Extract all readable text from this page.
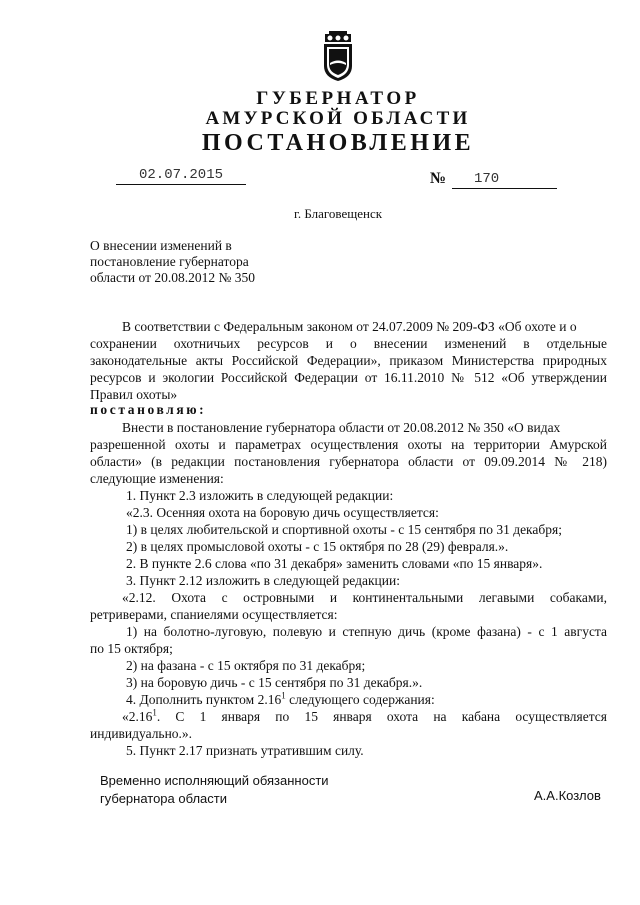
ГУБЕРНАТОР
АМУРСКОЙ ОБЛАСТИ
ПОСТАНОВЛЕНИЕ
02.07.2015	№	170
г. Благовещенск
О внесении изменений в
постановление губернатора
области от 20.08.2012 № 350
В соответствии с Федеральным законом от 24.07.2009 № 209-ФЗ «Об охоте и о
сохранении охотничьих ресурсов и о внесении изменений в отдельные
законодательные акты Российской Федерации», приказом Министерства природных
ресурсов и экологии Российской Федерации от 16.11.2010 № 512 «Об утверждении
Правил охоты»
постановляю:
Внести в постановление губернатора области от 20.08.2012 № 350 «О видах
разрешенной охоты и параметрах осуществления охоты на территории Амурской
области» (в редакции постановления губернатора области от 09.09.2014 № 218)
следующие изменения:
1. Пункт 2.3 изложить в следующей редакции:
«2.3. Осенняя охота на боровую дичь осуществляется:
1) в целях любительской и спортивной охоты - с 15 сентября по 31 декабря;
2) в целях промысловой охоты - с 15 октября по 28 (29) февраля.».
2. В пункте 2.6 слова «по 31 декабря» заменить словами «по 15 января».
3. Пункт 2.12 изложить в следующей редакции:
«2.12. Охота с островными и континентальными легавыми собаками,
ретриверами, спаниелями осуществляется:
1) на болотно-луговую, полевую и степную дичь (кроме фазана) - с 1 августа
по 15 октября;
2) на фазана - с 15 октября по 31 декабря;
3) на боровую дичь - с 15 сентября по 31 декабря.».
4. Дополнить пунктом 2.16$^1$ следующего содержания:
«2.16$^1$. С 1 января по 15 января охота на кабана осуществляется
индивидуально.».
5. Пункт 2.17 признать утратившим силу.
Временно исполняющий обязанности
губернатора области	А.А.Козлов
